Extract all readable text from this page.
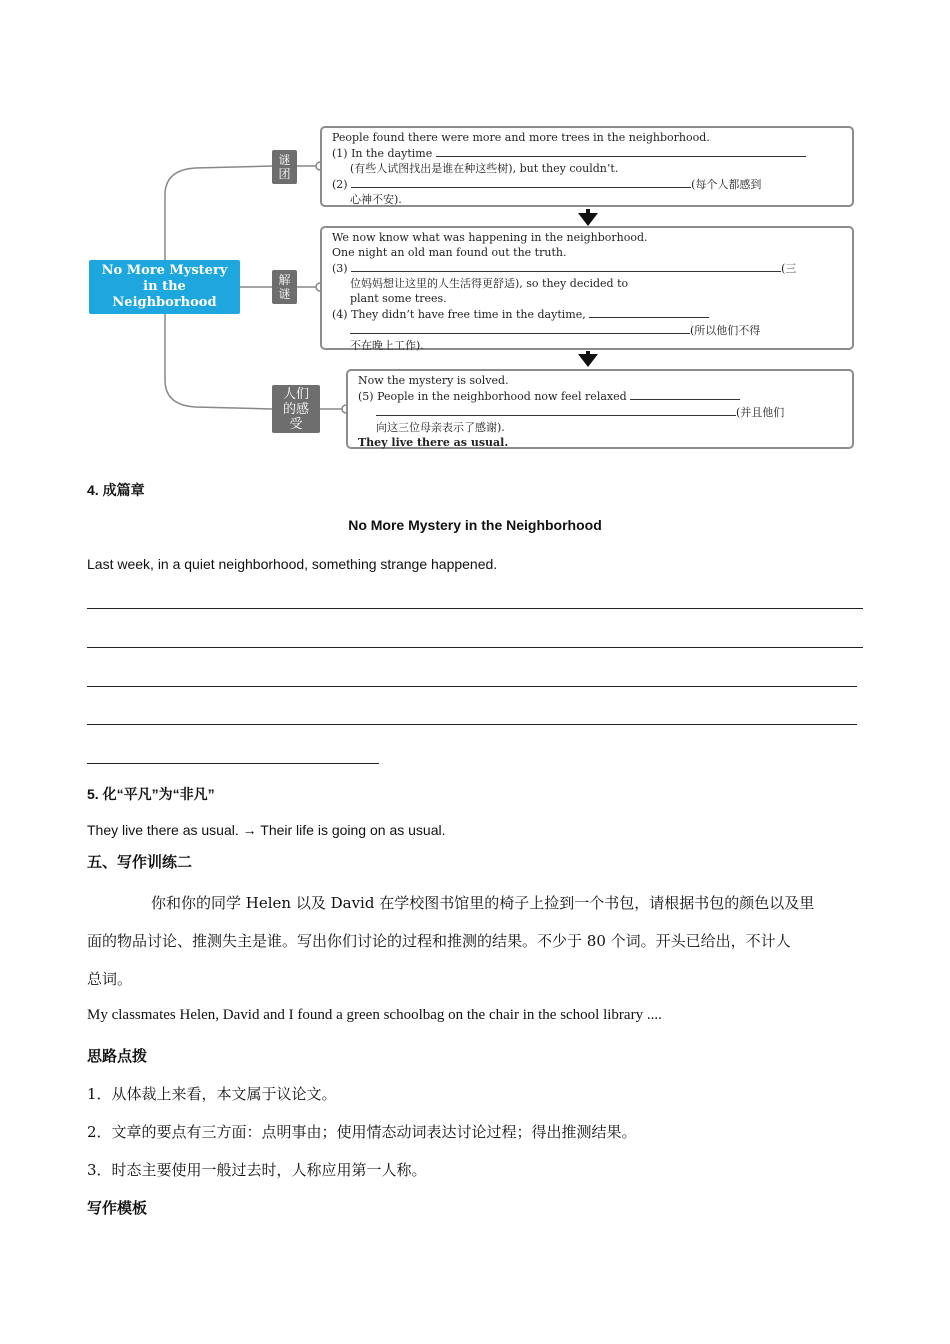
No More Mystery in the Neighborhood
谜团
解谜
人们的感受

People found there were more and more trees in the neighborhood.

(1) In the daytime

(有些人试图找出是谁在种这些树), but they couldn’t.

(2)	(每个人都感到

心神不安).

We now know what was happening in the neighborhood.

One night an old man found out the truth.

(3)	(三

位妈妈想让这里的人生活得更舒适), so they decided to

plant some trees.

(4) They didn’t have free time in the daytime,

(所以他们不得

不在晚上工作).

Now the mystery is solved.

(5) People in the neighborhood now feel relaxed

(并且他们

向这三位母亲表示了感谢).

They live there as usual.

4. 成篇章
No More Mystery in the Neighborhood
Last week, in a quiet neighborhood, something strange happened.
5. 化“平凡”为“非凡”
They live there as usual. → Their life is going on as usual.
五、写作训练二
你和你的同学 Helen 以及 David 在学校图书馆里的椅子上捡到一个书包，请根据书包的颜色以及里
面的物品讨论、推测失主是谁。写出你们讨论的过程和推测的结果。不少于 80 个词。开头已给出，不计人
总词。
My classmates Helen, David and I found a green schoolbag on the chair in the school library ....
思路点拨
1．从体裁上来看，本文属于议论文。
2．文章的要点有三方面：点明事由；使用情态动词表达讨论过程；得出推测结果。
3．时态主要使用一般过去时，人称应用第一人称。
写作模板
